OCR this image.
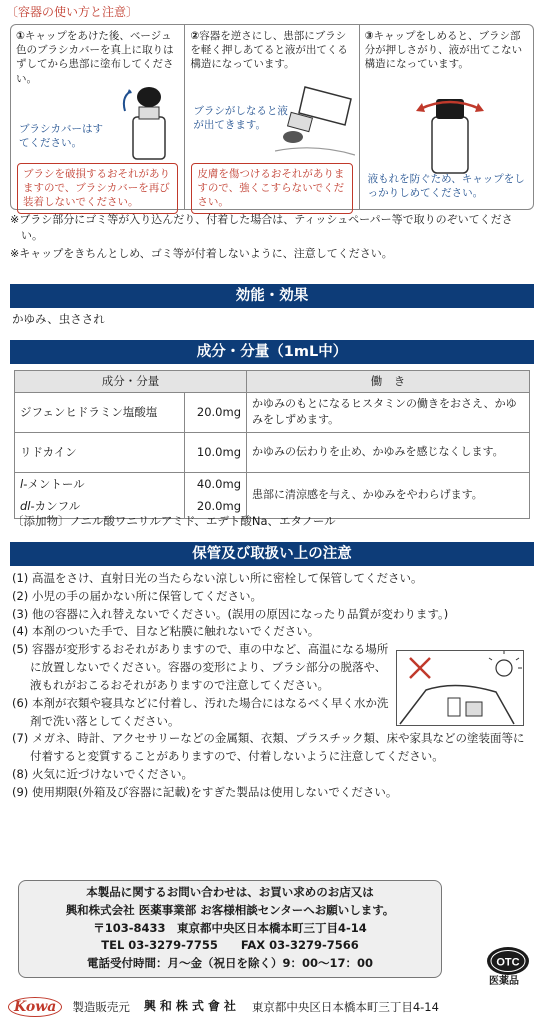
〔容器の使い方と注意〕
①キャップをあけた後、ベージュ色のブラシカバーを真上に取りはずしてから患部に塗布してください。
ブラシカバーはすてください。
ブラシを破損するおそれがありますので、ブラシカバーを再び装着しないでください。
②容器を逆さにし、患部にブラシを軽く押しあてると液が出てくる構造になっています。
ブラシがしなると液が出てきます。
皮膚を傷つけるおそれがありますので、強くこすらないでください。
③キャップをしめると、ブラシ部分が押しさがり、液が出てこない構造になっています。
液もれを防ぐため、キャップをしっかりしめてください。

※ブラシ部分にゴミ等が入り込んだり、付着した場合は、ティッシュペーパー等で取りのぞいてください。

※キャップをきちんとしめ、ゴミ等が付着しないように、注意してください。

効能・効果
かゆみ、虫さされ
成分・分量（1mL中）
成分・分量		働　き
ジフェンヒドラミン塩酸塩	20.0mg	かゆみのもとになるヒスタミンの働きをおさえ、かゆみをしずめます。
リドカイン	10.0mg	かゆみの伝わりを止め、かゆみを感じなくします。
l-メントール	40.0mg	患部に清涼感を与え、かゆみをやわらげます。
dl-カンフル	20.0mg	
〔添加物〕ノニル酸ワニリルアミド、エデト酸Na、エタノール
保管及び取扱い上の注意

(1) 高温をさけ、直射日光の当たらない涼しい所に密栓して保管してください。

(2) 小児の手の届かない所に保管してください。

(3) 他の容器に入れ替えないでください。(誤用の原因になったり品質が変わります。)

(4) 本剤のついた手で、目など粘膜に触れないでください。

(5) 容器が変形するおそれがありますので、車の中など、高温になる場所に放置しないでください。容器の変形により、ブラシ部分の脱落や、液もれがおこるおそれがありますので注意してください。

(6) 本剤が衣類や寝具などに付着し、汚れた場合にはなるべく早く水か洗剤で洗い落としてください。

(7) メガネ、時計、アクセサリーなどの金属類、衣類、プラスチック類、床や家具などの塗装面等に付着すると変質することがありますので、付着しないように注意してください。

(8) 火気に近づけないでください。

(9) 使用期限(外箱及び容器に記載)をすぎた製品は使用しないでください。

本製品に関するお問い合わせは、お買い求めのお店又は
興和株式会社 医薬事業部 お客様相談センターへお願いします。
〒103-8433　東京都中央区日本橋本町三丁目4-14
TEL 03-3279-7755　　FAX 03-3279-7566
電話受付時間：月～金（祝日を除く）9：00～17：00	OTC
医薬品
Kowa	製造販売元 興和株式會社 東京都中央区日本橋本町三丁目4-14
